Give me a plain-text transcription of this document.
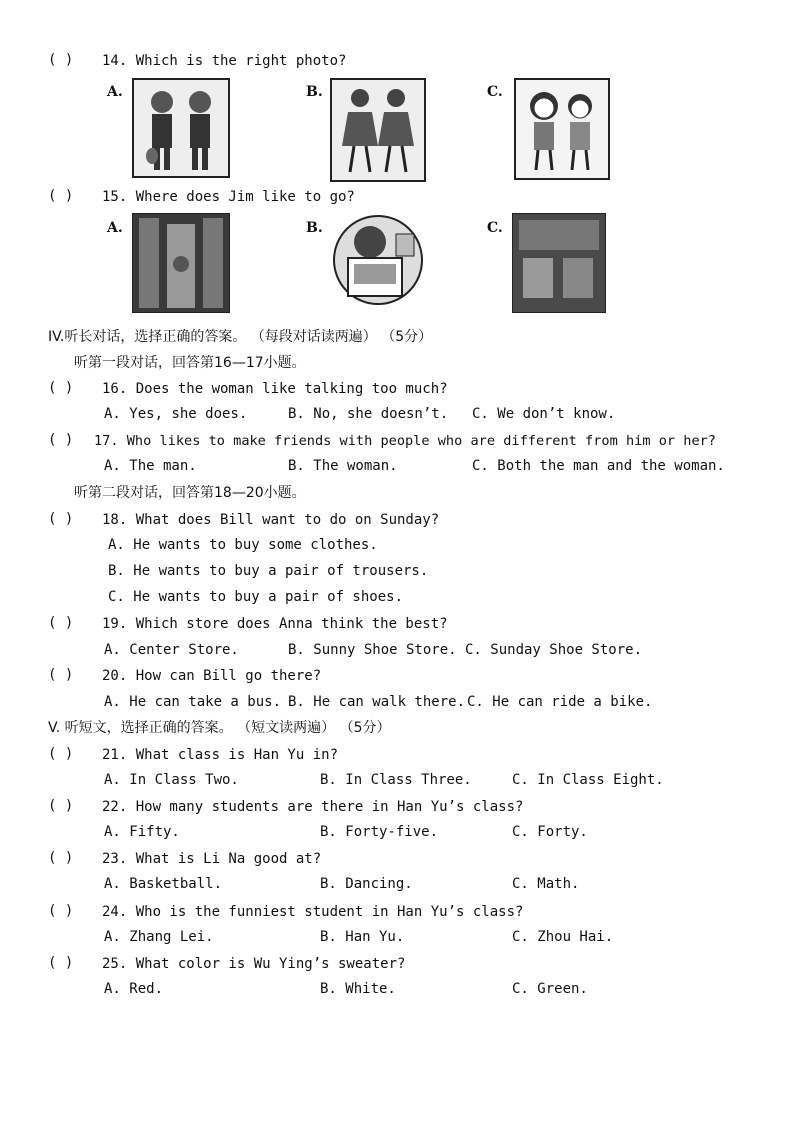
( ) 14. Which is the right photo?
A.	B.	C.
( ) 15. Where does Jim like to go?
A.	B.	C.

IV.听长对话，选择正确的答案。 （每段对话读两遍） （5分）
听第一段对话，回答第16—17小题。
( ) 16. Does the woman like talking too much?
A. Yes, she does.	B. No, she doesn’t. C. We don’t know.
( ) 17. Who likes to make friends with people who are different from him or her?
A. The man.	B. The woman.	C. Both the man and the woman.
听第二段对话，回答第18—20小题。
( ) 18. What does Bill want to do on Sunday?
A. He wants to buy some clothes.
B. He wants to buy a pair of trousers.
C. He wants to buy a pair of shoes.
( ) 19. Which store does Anna think the best?
A. Center Store.	B. Sunny Shoe Store. C. Sunday Shoe Store.
( ) 20. How can Bill go there?
A. He can take a bus. B. He can walk there. C. He can ride a bike.
V. 听短文，选择正确的答案。 （短文读两遍） （5分）
( ) 21. What class is Han Yu in?
A. In Class Two.	B. In Class Three.	C. In Class Eight.
( ) 22. How many students are there in Han Yu’s class?
A. Fifty.	B. Forty-five.	C. Forty.
( ) 23. What is Li Na good at?
A. Basketball.	B. Dancing.	C. Math.
( ) 24. Who is the funniest student in Han Yu’s class?
A. Zhang Lei.	B. Han Yu.	C. Zhou Hai.
( ) 25. What color is Wu Ying’s sweater?
A. Red.	B. White.	C. Green.
